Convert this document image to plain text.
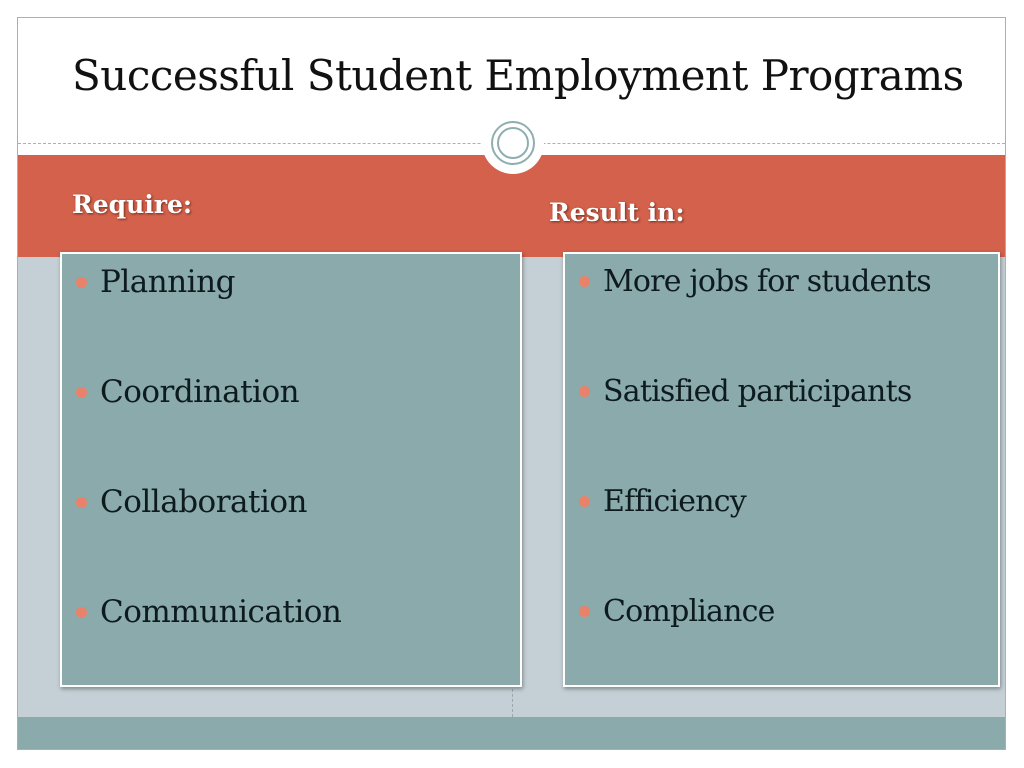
Successful Student Employment Programs
Require:	Result in:
Planning
Coordination
Collaboration
Communication
More jobs for students
Satisfied participants
Efficiency
Compliance
